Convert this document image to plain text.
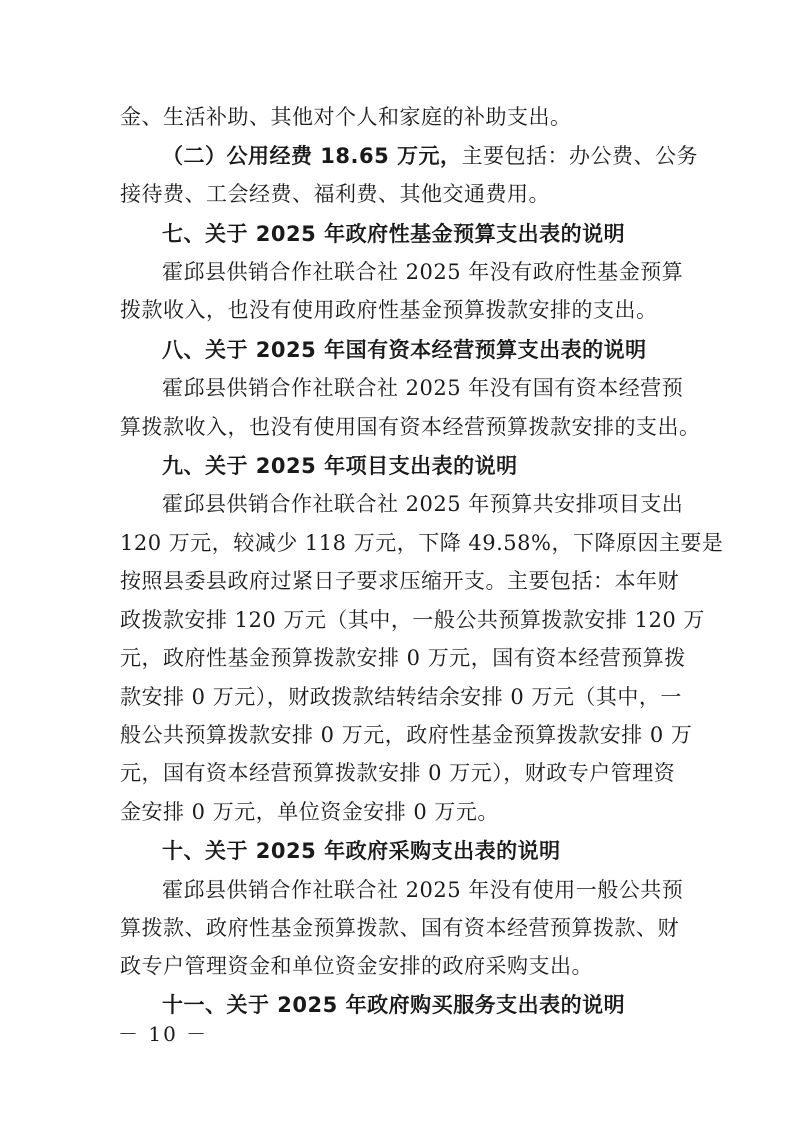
金、生活补助、其他对个人和家庭的补助支出。
（二）公用经费 18.65 万元，主要包括：办公费、公务
接待费、工会经费、福利费、其他交通费用。
七、关于 2025 年政府性基金预算支出表的说明
霍邱县供销合作社联合社 2025 年没有政府性基金预算
拨款收入，也没有使用政府性基金预算拨款安排的支出。
八、关于 2025 年国有资本经营预算支出表的说明
霍邱县供销合作社联合社 2025 年没有国有资本经营预
算拨款收入，也没有使用国有资本经营预算拨款安排的支出。
九、关于 2025 年项目支出表的说明
霍邱县供销合作社联合社 2025 年预算共安排项目支出
120 万元，较减少 118 万元，下降 49.58%，下降原因主要是
按照县委县政府过紧日子要求压缩开支。主要包括：本年财
政拨款安排 120 万元（其中，一般公共预算拨款安排 120 万
元，政府性基金预算拨款安排 0 万元，国有资本经营预算拨
款安排 0 万元），财政拨款结转结余安排 0 万元（其中，一
般公共预算拨款安排 0 万元，政府性基金预算拨款安排 0 万
元，国有资本经营预算拨款安排 0 万元），财政专户管理资
金安排 0 万元，单位资金安排 0 万元。
十、关于 2025 年政府采购支出表的说明
霍邱县供销合作社联合社 2025 年没有使用一般公共预
算拨款、政府性基金预算拨款、国有资本经营预算拨款、财
政专户管理资金和单位资金安排的政府采购支出。
十一、关于 2025 年政府购买服务支出表的说明
－ 10 －
